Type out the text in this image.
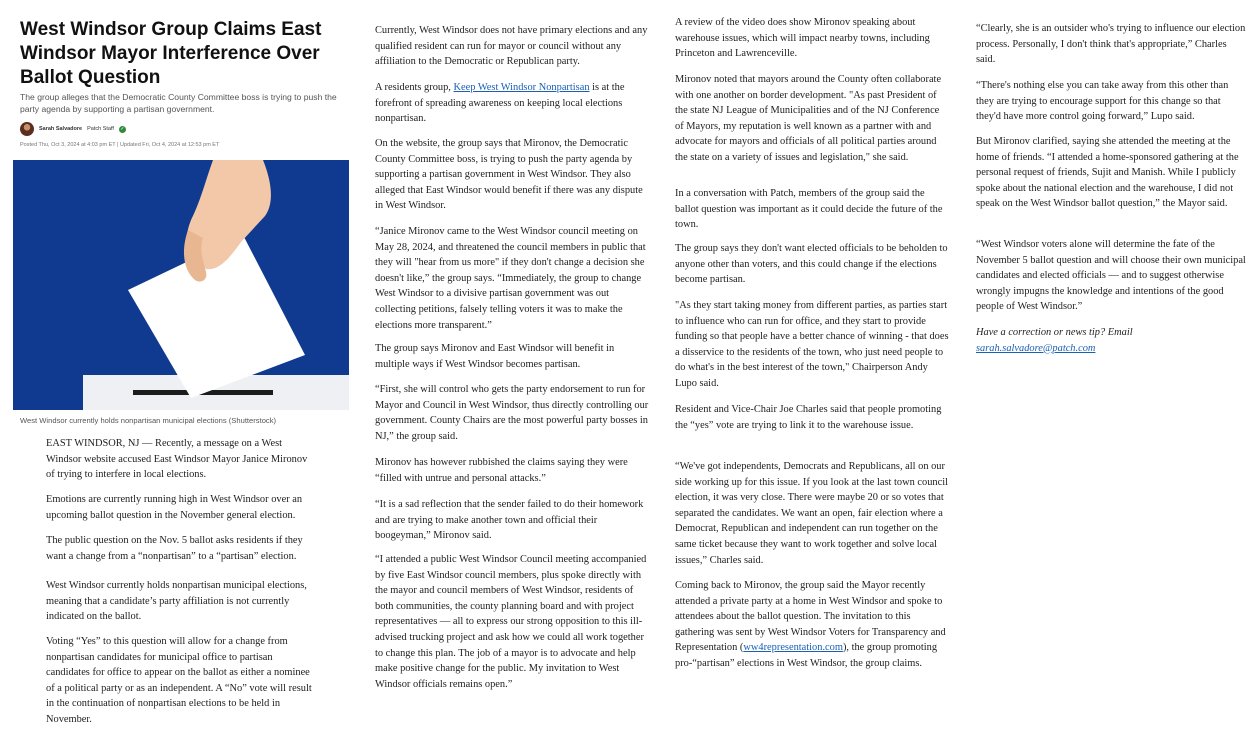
West Windsor Group Claims East Windsor Mayor Interference Over Ballot Question

The group alleges that the Democratic County Committee boss is trying to push the party agenda by supporting a partisan government.

Sarah Salvadore Patch Staff ✓
Posted Thu, Oct 3, 2024 at 4:03 pm ET | Updated Fri, Oct 4, 2024 at 12:53 pm ET
West Windsor currently holds nonpartisan municipal elections (Shutterstock)

EAST WINDSOR, NJ — Recently, a message on a West Windsor website accused East Windsor Mayor Janice Mironov of trying to interfere in local elections.

Emotions are currently running high in West Windsor over an upcoming ballot question in the November general election.

The public question on the Nov. 5 ballot asks residents if they want a change from a “nonpartisan” to a “partisan” election.

West Windsor currently holds nonpartisan municipal elections, meaning that a candidate’s party affiliation is not currently indicated on the ballot.

Voting “Yes” to this question will allow for a change from nonpartisan candidates for municipal office to partisan candidates for office to appear on the ballot as either a nominee of a political party or as an independent. A “No” vote will result in the continuation of nonpartisan elections to be held in November.

Currently, West Windsor does not have primary elections and any qualified resident can run for mayor or council without any affiliation to the Democratic or Republican party.

A residents group, Keep West Windsor Nonpartisan is at the forefront of spreading awareness on keeping local elections nonpartisan.

On the website, the group says that Mironov, the Democratic County Committee boss, is trying to push the party agenda by supporting a partisan government in West Windsor. They also alleged that East Windsor would benefit if there was any dispute in West Windsor.

“Janice Mironov came to the West Windsor council meeting on May 28, 2024, and threatened the council members in public that they will "hear from us more" if they don't change a decision she doesn't like,” the group says. “Immediately, the group to change West Windsor to a divisive partisan government was out collecting petitions, falsely telling voters it was to make the elections more transparent.”

The group says Mironov and East Windsor will benefit in multiple ways if West Windsor becomes partisan.

“First, she will control who gets the party endorsement to run for Mayor and Council in West Windsor, thus directly controlling our government. County Chairs are the most powerful party bosses in NJ,” the group said.

Mironov has however rubbished the claims saying they were “filled with untrue and personal attacks.”

“It is a sad reflection that the sender failed to do their homework and are trying to make another town and official their boogeyman,” Mironov said.

“I attended a public West Windsor Council meeting accompanied by five East Windsor council members, plus spoke directly with the mayor and council members of West Windsor, residents of both communities, the county planning board and with project representatives — all to express our strong opposition to this ill-advised trucking project and ask how we could all work together to change this plan. The job of a mayor is to advocate and help make positive change for the public. My invitation to West Windsor officials remains open.”

A review of the video does show Mironov speaking about warehouse issues, which will impact nearby towns, including Princeton and Lawrenceville.

Mironov noted that mayors around the County often collaborate with one another on border development. "As past President of the state NJ League of Municipalities and of the NJ Conference of Mayors, my reputation is well known as a partner with and advocate for mayors and officials of all political parties around the state on a variety of issues and legislation," she said.

In a conversation with Patch, members of the group said the ballot question was important as it could decide the future of the town.

The group says they don't want elected officials to be beholden to anyone other than voters, and this could change if the elections become partisan.

"As they start taking money from different parties, as parties start to influence who can run for office, and they start to provide funding so that people have a better chance of winning - that does a disservice to the residents of the town, who just need people to do what's in the best interest of the town," Chairperson Andy Lupo said.

Resident and Vice-Chair Joe Charles said that people promoting the “yes” vote are trying to link it to the warehouse issue.

“We've got independents, Democrats and Republicans, all on our side working up for this issue. If you look at the last town council election, it was very close. There were maybe 20 or so votes that separated the candidates. We want an open, fair election where a Democrat, Republican and independent can run together on the same ticket because they want to work together and solve local issues,” Charles said.

Coming back to Mironov, the group said the Mayor recently attended a private party at a home in West Windsor and spoke to attendees about the ballot question. The invitation to this gathering was sent by West Windsor Voters for Transparency and Representation (ww4representation.com), the group promoting pro-“partisan” elections in West Windsor, the group claims.

“Clearly, she is an outsider who's trying to influence our election process. Personally, I don't think that's appropriate,” Charles said.

“There's nothing else you can take away from this other than they are trying to encourage support for this change so that they'd have more control going forward,” Lupo said.

But Mironov clarified, saying she attended the meeting at the home of friends. “I attended a home-sponsored gathering at the personal request of friends, Sujit and Manish. While I publicly spoke about the national election and the warehouse, I did not speak on the West Windsor ballot question,” the Mayor said.

“West Windsor voters alone will determine the fate of the November 5 ballot question and will choose their own municipal candidates and elected officials — and to suggest otherwise wrongly impugns the knowledge and intentions of the good people of West Windsor.”

Have a correction or news tip? Email
sarah.salvadore@patch.com
